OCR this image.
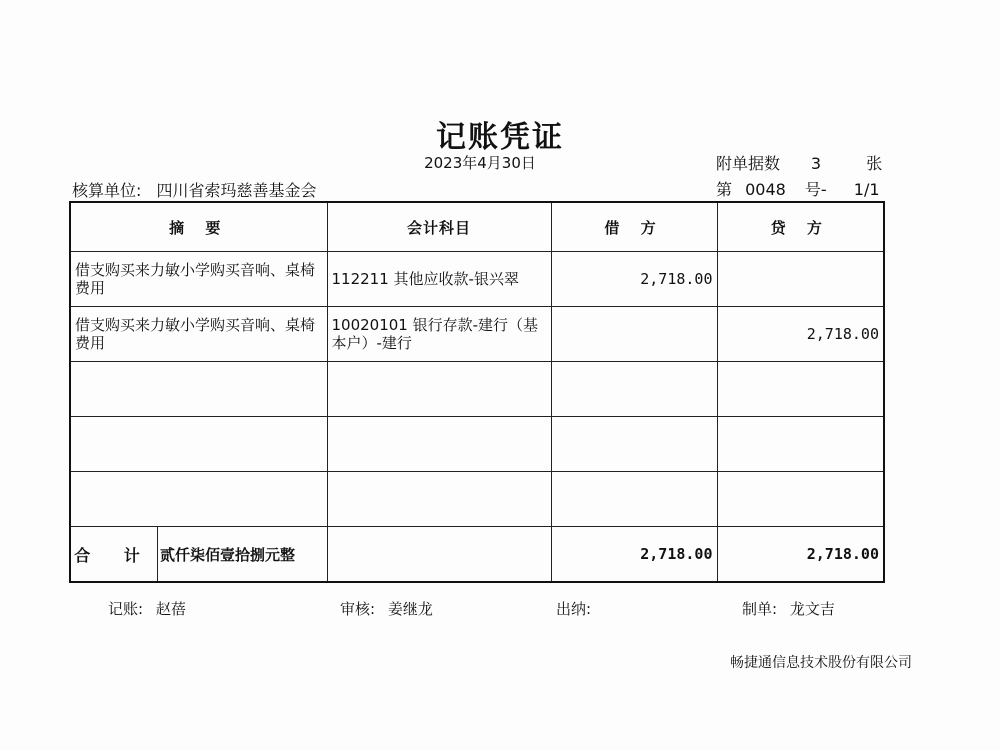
记账凭证
2023年4月30日	附单据数 3	张
核算单位: 四川省索玛慈善基金会	第 0048 号- 1/1
摘 要	会计科目	借 方	贷 方
借支购买来力敏小学购买音响、桌椅费用	112211 其他应收款-银兴翠	2,718.00	
借支购买来力敏小学购买音响、桌椅费用	10020101 银行存款-建行（基本户）-建行		2,718.00

合 计 贰仟柒佰壹拾捌元整		2,718.00	2,718.00
记账: 赵蓓	审核: 姜继龙	出纳:	制单: 龙文吉
畅捷通信息技术股份有限公司
